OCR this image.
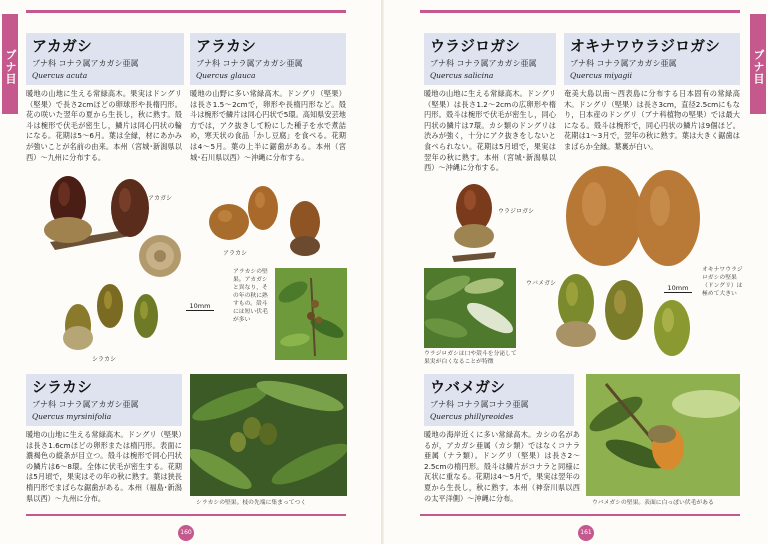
ブナ目
アカガシ
ブナ科 コナラ属アカガシ亜属
Quercus acuta
アラカシ
ブナ科 コナラ属アカガシ亜属
Quercus glauca
暖地の山地に生える常緑高木。果実はドングリ（堅果）で長さ2cmほどの卵球形や長楕円形。花の咲いた翌年の夏から生長し，秋に熟す。殻斗は椀形で伏毛が密生し，鱗片は同心円状の輪になる。花期は5～6月。葉は全縁，材にあかみが強いことが名前の由来。本州（宮城･新潟県以西）～九州に分布する。
暖地の山野に多い常緑高木。ドングリ（堅果）は長さ1.5～2cmで，卵形や長楕円形など。殻斗は椀形で鱗片は同心円状で5環。高知県安芸地方では，アク抜きして粉にした種子を水で煮詰め，寒天状の食品「かし豆腐」を食べる。花期は4～5月。葉の上半に鋸歯がある。本州（宮城･石川県以西）～沖縄に分布する。
アカガシ
アラカシ
アラカシの堅果。アカガシと異なり，その年の秋に熟すもの。殻斗には短い伏毛が多い
10mm
シラカシ
シラカシ
ブナ科 コナラ属アカガシ亜属
Quercus myrsinifolia
暖地の山地に生える常緑高木。ドングリ（堅果）は長さ1.6cmほどの卵形または楕円形。表面に濃褐色の縦条が目立つ。殻斗は椀形で同心円状の鱗片は6～8環。全体に伏毛が密生する。花期は5月頃で，果実はその年の秋に熟す。葉は狭長楕円形でまばらな鋸歯がある。本州（福島･新潟県以西）～九州に分布。
シラカシの堅果。枝の先端に集まってつく
160
ブナ目
ウラジロガシ
ブナ科 コナラ属アカガシ亜属
Quercus salicina
オキナワウラジロガシ
ブナ科 コナラ属アカガシ亜属
Quercus miyagii
暖地の山地に生える常緑高木。ドングリ（堅果）は長さ1.2～2cmの広卵形や楕円形。殻斗は椀形で伏毛が密生し，同心円状の鱗片は7環。カシ類のドングリは渋みが強く，十分にアク抜きをしないと食べられない。花期は5月頃で，果実は翌年の秋に熟す。本州（宮城･新潟県以西）～沖縄に分布する。
奄美大島以南～西表島に分布する日本固有の常緑高木。ドングリ（堅果）は長さ3cm，直径2.5cmにもなり，日本産のドングリ（ブナ科植物の堅果）では最大になる。殻斗は椀形で，同心円状の鱗片は9個ほど。花期は1～3月で，翌年の秋に熟す。葉は大きく鋸歯はまばらか全縁。葉裏が白い。
ウラジロガシ
10mm
オキナワウラジロガシの堅果（ドングリ）は極めて大きい
ウラジロガシは口や殻斗を分泌して果実が白くなることが特徴
ウバメガシ
ウバメガシ
ブナ科 コナラ属コナラ亜属
Quercus phillyreoides
暖地の海岸近くに多い常緑高木。カシの名があるが，アカガシ亜属（カシ類）ではなくコナラ亜属（ナラ類）。ドングリ（堅果）は長さ2～2.5cmの楕円形。殻斗は鱗片がコナラと同様に瓦状に重なる。花期は4～5月で，果実は翌年の夏から生長し，秋に熟す。本州（神奈川県以西の太平洋側）～沖縄に分布。
ウバメガシの堅果。表面に白っぽい伏毛がある
161
